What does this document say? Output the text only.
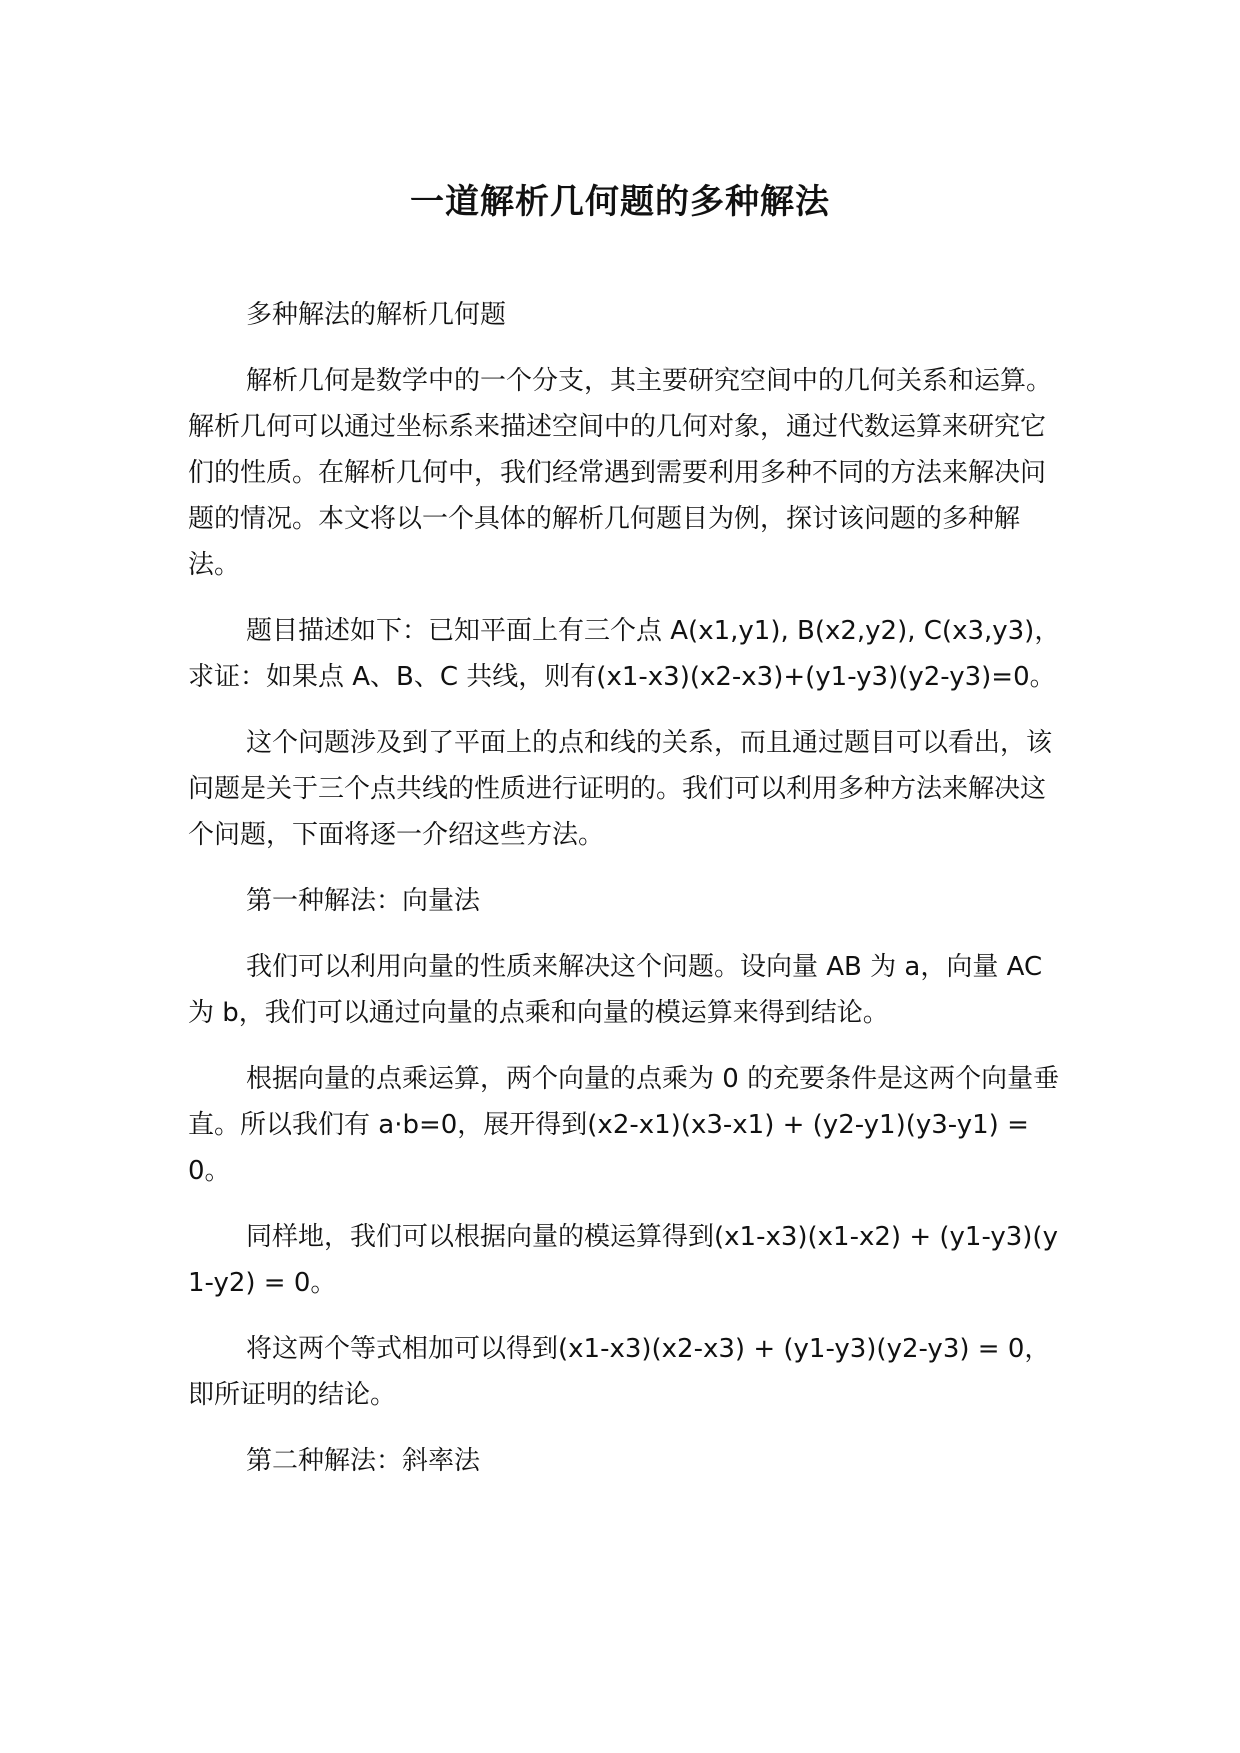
一道解析几何题的多种解法

多种解法的解析几何题

解析几何是数学中的一个分支，其主要研究空间中的几何关系和运算。解析几何可以通过坐标系来描述空间中的几何对象，通过代数运算来研究它们的性质。在解析几何中，我们经常遇到需要利用多种不同的方法来解决问题的情况。本文将以一个具体的解析几何题目为例，探讨该问题的多种解法。

题目描述如下：已知平面上有三个点 A(x1,y1), B(x2,y2), C(x3,y3)，求证：如果点 A、B、C 共线，则有(x1-x3)(x2-x3)+(y1-y3)(y2-y3)=0。

这个问题涉及到了平面上的点和线的关系，而且通过题目可以看出，该问题是关于三个点共线的性质进行证明的。我们可以利用多种方法来解决这个问题，下面将逐一介绍这些方法。

第一种解法：向量法

我们可以利用向量的性质来解决这个问题。设向量 AB 为 a，向量 AC 为 b，我们可以通过向量的点乘和向量的模运算来得到结论。

根据向量的点乘运算，两个向量的点乘为 0 的充要条件是这两个向量垂直。所以我们有 a·b=0，展开得到(x2-x1)(x3-x1) + (y2-y1)(y3-y1) = 0。

同样地，我们可以根据向量的模运算得到(x1-x3)(x1-x2) + (y1-y3)(y1-y2) = 0。

将这两个等式相加可以得到(x1-x3)(x2-x3) + (y1-y3)(y2-y3) = 0，即所证明的结论。

第二种解法：斜率法
